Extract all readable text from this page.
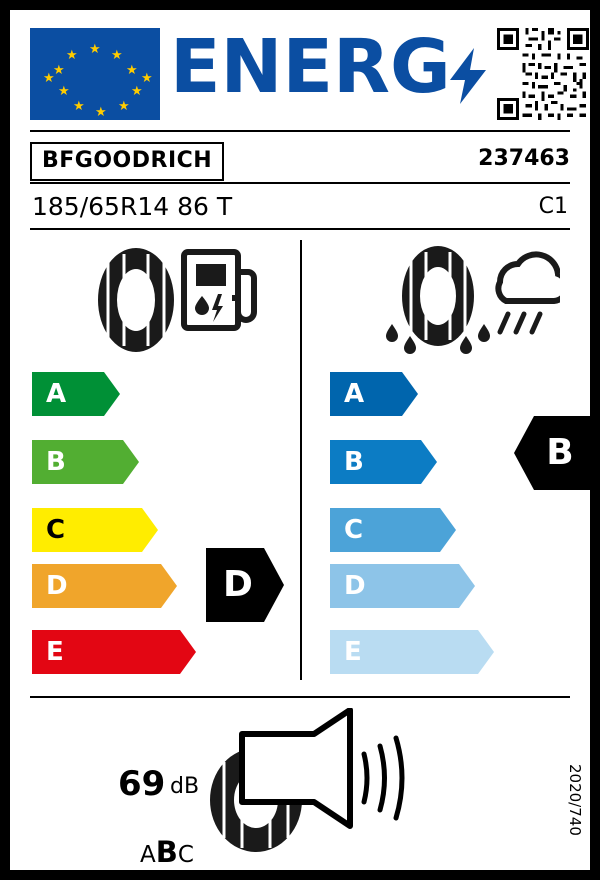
★ ★
★
★
★
★
★
★
★
★
★	★ ENERG
BFGOODRICH	237463
185/65R14 86 T	C1
A
B
C
D
E
D
A
B
C
D
E
B
69 dB
ABC
2020/740
